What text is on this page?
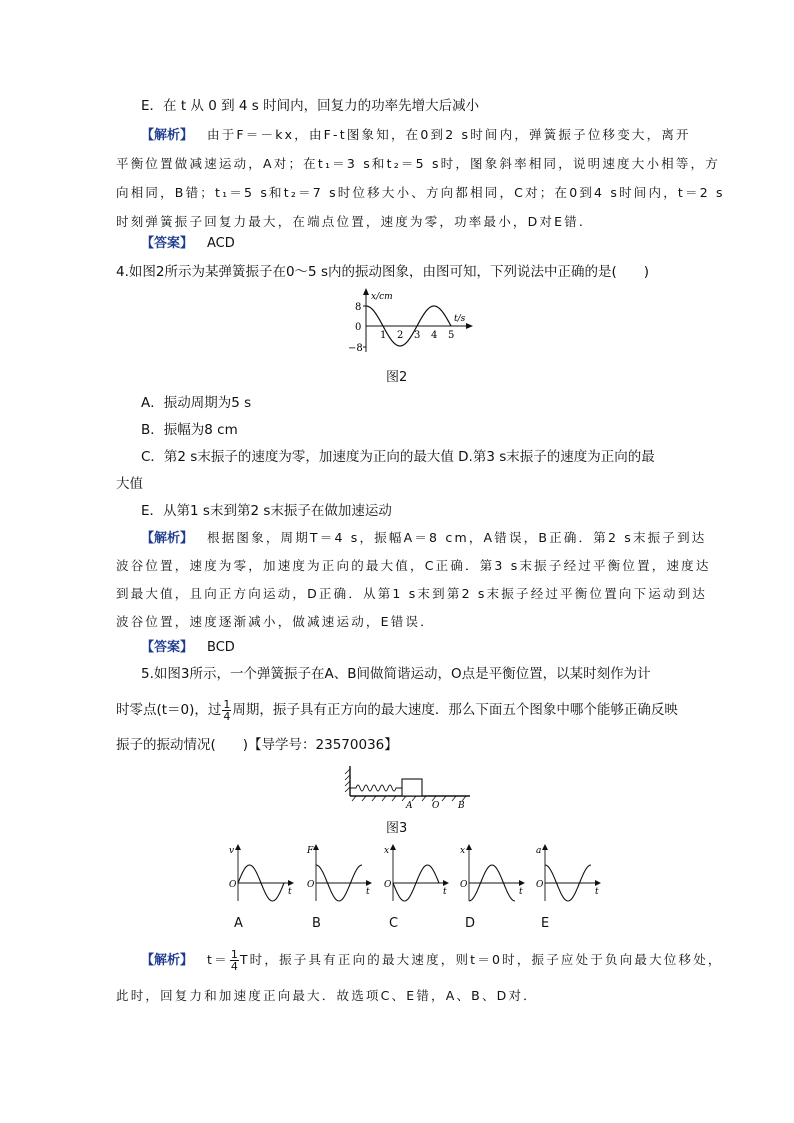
E．在 t 从 0 到 4 s 时间内，回复力的功率先增大后减小
【解析】 由于F＝－kx，由F-t图象知，在0到2 s时间内，弹簧振子位移变大，离开
平衡位置做减速运动，A对；在t₁＝3 s和t₂＝5 s时，图象斜率相同，说明速度大小相等，方
向相同，B错；t₁＝5 s和t₂＝7 s时位移大小、方向都相同，C对；在0到4 s时间内，t＝2 s
时刻弹簧振子回复力最大，在端点位置，速度为零，功率最小，D对E错.
【答案】 ACD
4.如图2所示为某弹簧振子在0～5 s内的振动图象，由图可知，下列说法中正确的是(　　)
x/cm
t/s
8
0
−8
1 2 3 4 5
图2
A．振动周期为5 s
B．振幅为8 cm
C．第2 s末振子的速度为零，加速度为正向的最大值 D.第3 s末振子的速度为正向的最
大值
E．从第1 s末到第2 s末振子在做加速运动
【解析】 根据图象，周期T＝4 s，振幅A＝8 cm，A错误，B正确．第2 s末振子到达
波谷位置，速度为零，加速度为正向的最大值，C正确．第3 s末振子经过平衡位置，速度达
到最大值，且向正方向运动，D正确．从第1 s末到第2 s末振子经过平衡位置向下运动到达
波谷位置，速度逐渐减小，做减速运动，E错误．
【答案】 BCD
5.如图3所示，一个弹簧振子在A、B间做简谐运动，O点是平衡位置，以某时刻作为计
时零点(t＝0)，过 $\frac{1}{4}$ 周期，振子具有正方向的最大速度．那么下面五个图象中哪个能够正确反映
振子的振动情况(　　)【导学号：23570036】
A O B
图3
v
O
t
A
F
O
t
B
x
O
t
C
x
O
t
D
a
O
t
E
【解析】 $t= \frac{1}{4}$ T时，振子具有正向的最大速度，则t＝0时，振子应处于负向最大位移处，
此时，回复力和加速度正向最大．故选项C、E错，A、B、D对．
